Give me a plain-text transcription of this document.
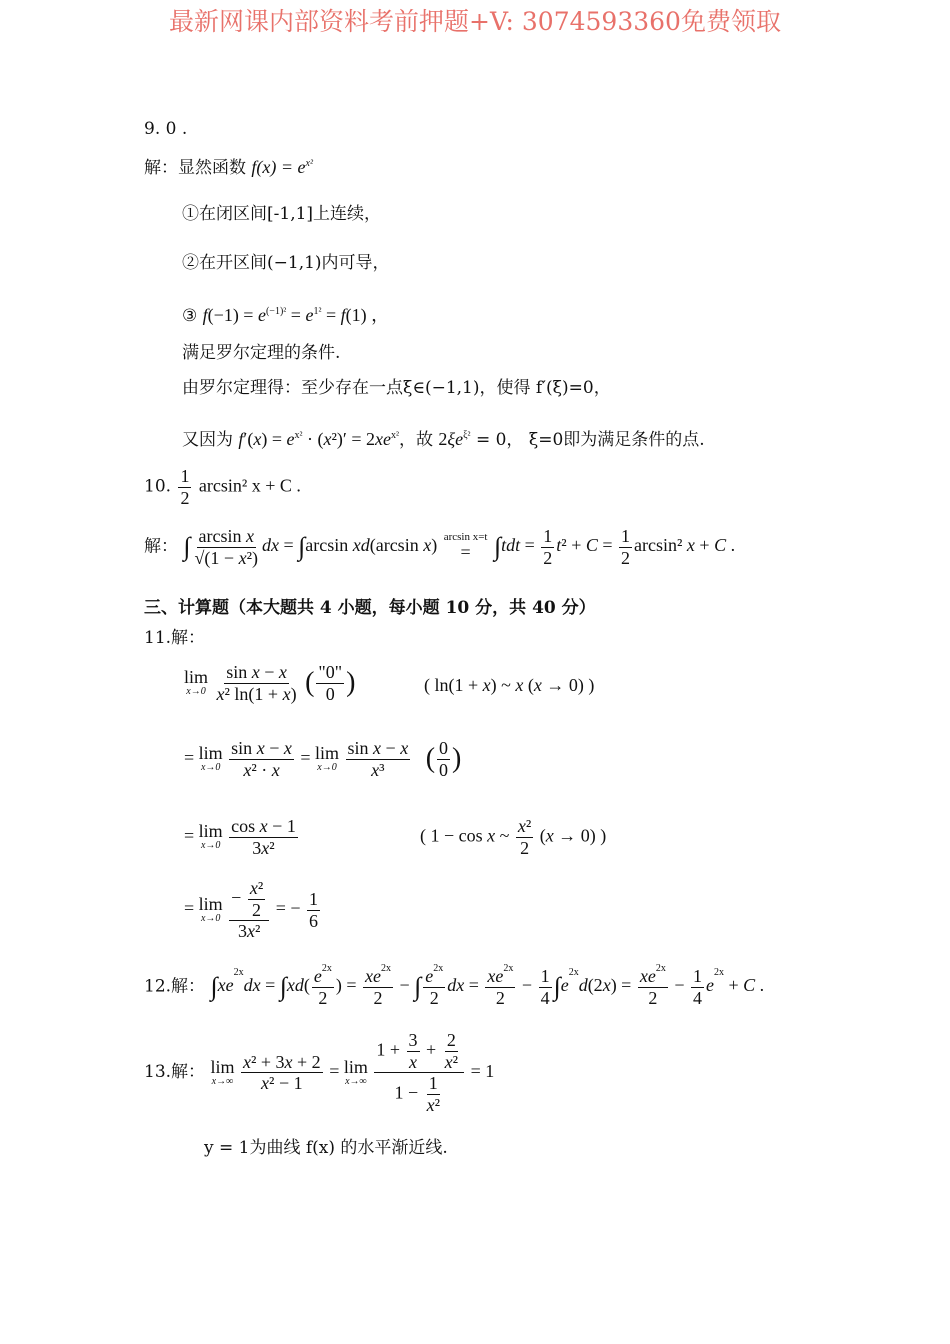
最新网课内部资料考前押题+V: 3074593360免费领取
9. 0 .
解：显然函数 $f(x) = e^{x^2}$
①在闭区间[-1,1]上连续，
②在开区间(−1,1)内可导，
③ $f(-1) = e^{(-1)^2} = e^{1^2} = f(1)$ ，
满足罗尔定理的条件.
由罗尔定理得：至少存在一点ξ∈(−1,1)，使得 f′(ξ)=0，
又因为 $f'(x) = e^{x^2} \cdot (x^2)' = 2xe^{x^2}$，故 $2\xi e^{\xi^2} = 0$， ξ=0即为满足条件的点.
10. $\frac{1}{2} \arcsin^2$ x + C .
解： ∫ $\frac{\text{arcsin x}}{\text{√(1 − x²)}}$ dx = ∫arcsin xd(arcsin x) arcsin x=t
= $\int tdt = \frac{1}{2} t^2 + C = \frac{1}{2} \arcsin^2$ x + C .
三、计算题（本大题共 4 小题，每小题 10 分，共 40 分）
11.解：
lim
x→0
$\frac{\text{sin x − x}}{\text{x² ln(1 + x)}}$ ( $\frac{"0"}{0}$ )	( ln(1 + x) ~ x (x → 0) )
= lim
x→0
$\frac{\text{sin x − x}}{\text{x² · x}} = \lim$
x→0
$\frac{\text{sin x − x}}{\text{x³}}$ ( $\frac{0}{0}$ )
= lim
x→0
$\frac{\text{cos x − 1}}{\text{3x²}}$	( 1 − cos x ~ $\frac{\text{x²}}{2} (x \to 0)$ )
= lim
x→0
$\frac{- \frac{\text{x²}}{2}}{\text{3x²}}$ = − $\frac{1}{6}$
12.解： $\int xe^{2x}dx = \int xd( \frac{e^{2x}}{2}$ ) = $\frac{xe^{2x}}{2}$ − ∫ $\frac{e^{2x}}{2}$ dx = $\frac{xe^{2x}}{2} - \frac{1}{4} \int e^{2x}d(2x) = \frac{xe^{2x}}{2} - \frac{1}{4} e^{2x} + C$ .
13.解： lim
x→∞
$\frac{\text{x² + 3x + 2}}{\text{x² − 1}} = \lim$
x→∞
$\frac{1 + \frac{3}{x} + \frac{2}{\text{x²}}}{1 - \frac{1}{\text{x²}}} = 1$
y = 1为曲线 f(x) 的水平渐近线.
